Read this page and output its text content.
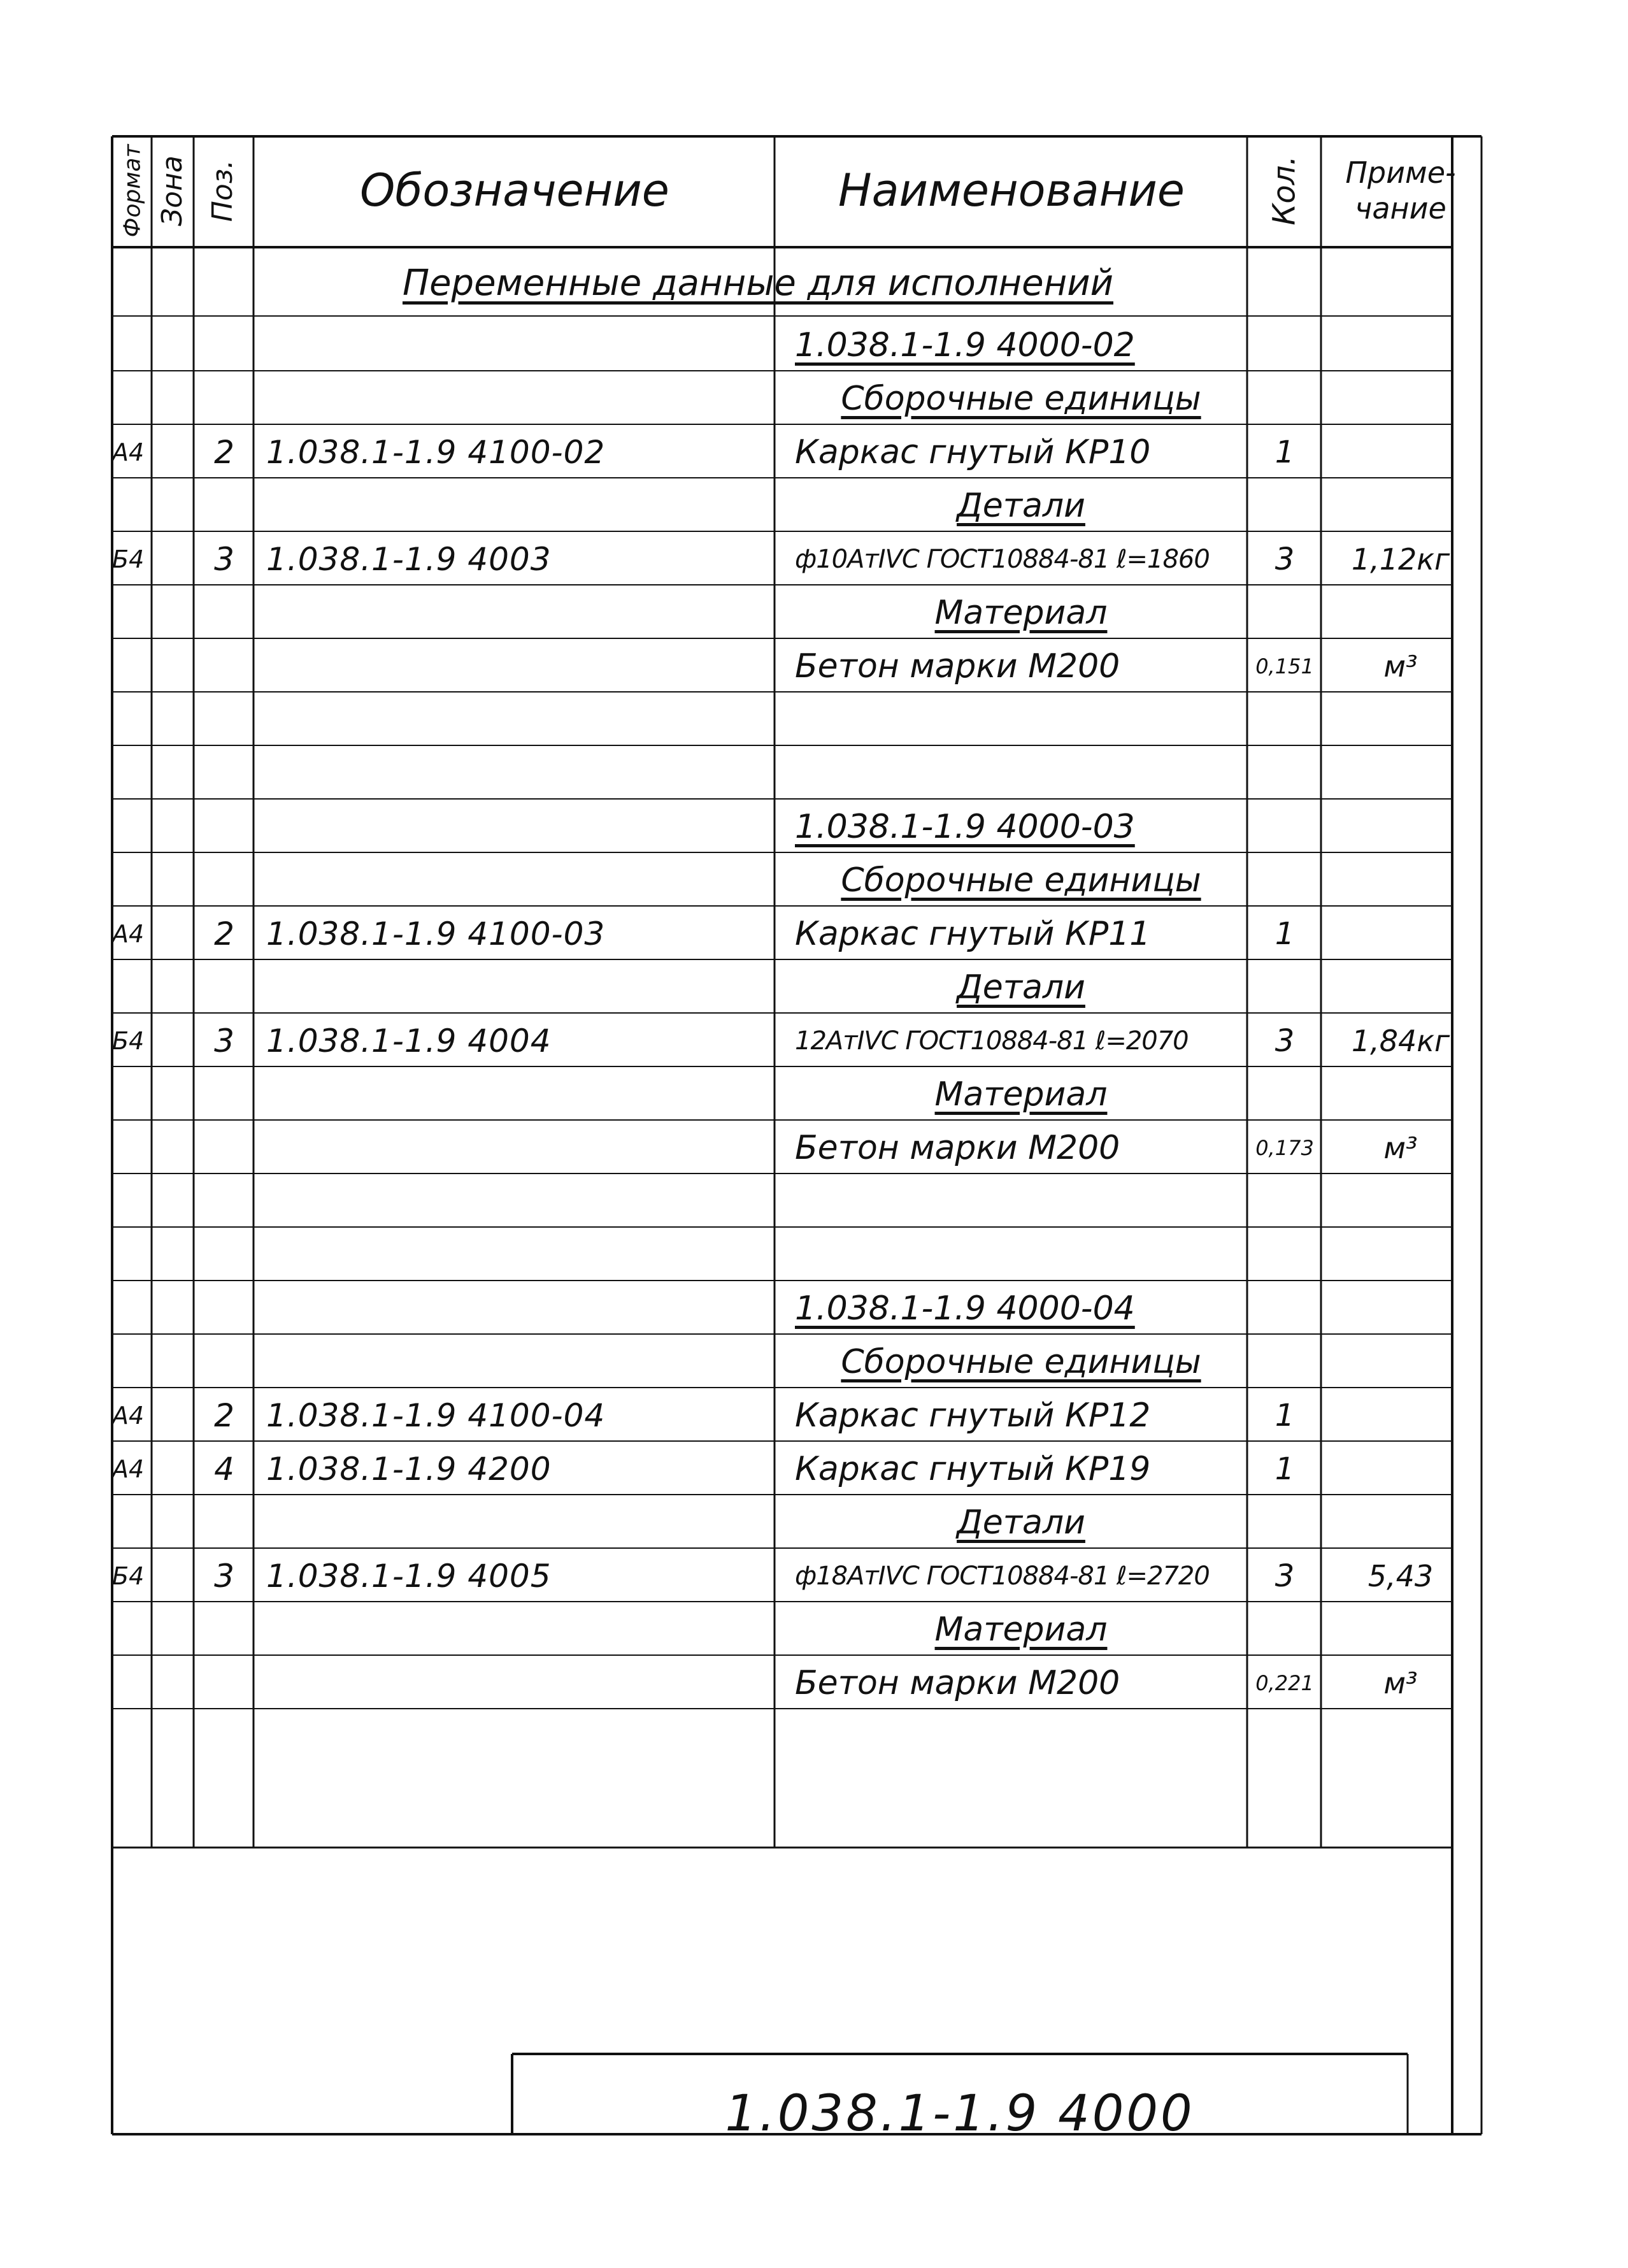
Формат Зона Поз.	Обозначение	Наименование	Кол. Приме-
чание
Переменные данные для исполнений
1.038.1-1.9 4000-02
Сборочные единицы
А4	2	1.038.1-1.9 4100-02	Каркас гнутый КР10	1
Детали
Б4	3	1.038.1-1.9 4003	ф10АтIVС ГОСТ10884-81 ℓ=1860	3	1,12кг
Материал
Бетон марки М200	0,151	м³
1.038.1-1.9 4000-03
Сборочные единицы
А4	2	1.038.1-1.9 4100-03	Каркас гнутый КР11	1
Детали
Б4	3	1.038.1-1.9 4004	12АтIVС ГОСТ10884-81 ℓ=2070	3	1,84кг
Материал
Бетон марки М200	0,173	м³
1.038.1-1.9 4000-04
Сборочные единицы
А4	2	1.038.1-1.9 4100-04	Каркас гнутый КР12	1
А4	4	1.038.1-1.9 4200	Каркас гнутый КР19	1
Детали
Б4	3	1.038.1-1.9 4005	ф18АтIVС ГОСТ10884-81 ℓ=2720	3	5,43
Материал
Бетон марки М200	0,221	м³
1.038.1-1.9 4000
